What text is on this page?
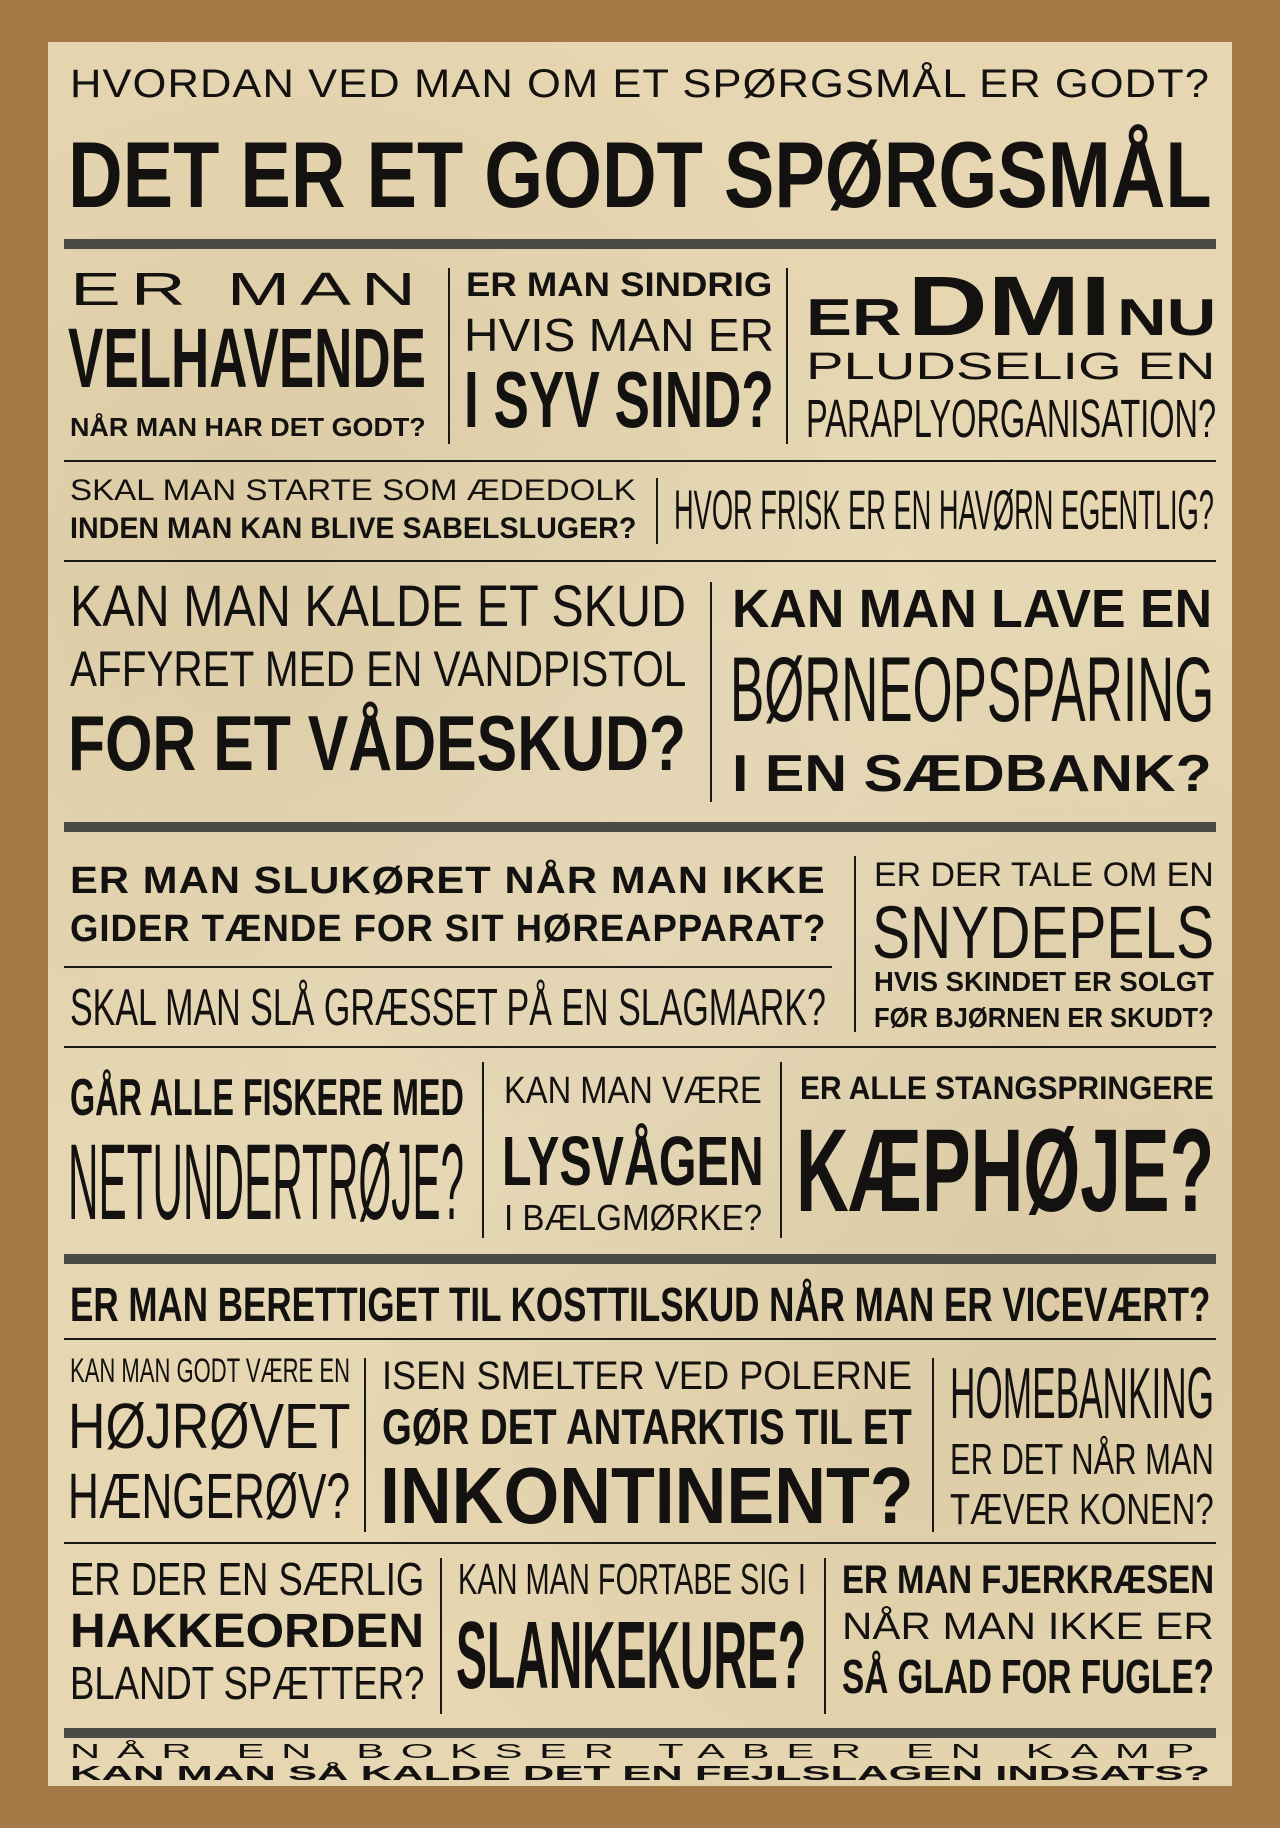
HVORDAN VED MAN OM ET SPØRGSMÅL ER GODT?

DET ER ET GODT SPØRGSMÅL

ER MAN

VELHAVENDE

NÅR MAN HAR DET GODT?

ER MAN SINDRIG

HVIS MAN ER

I SYV SIND?

ER DMI NU

PLUDSELIG EN

PARAPLYORGANISATION?

SKAL MAN STARTE SOM ÆDEDOLK

INDEN MAN KAN BLIVE SABELSLUGER? HVOR FRISK ER EN HAVØRN EGENTLIG?

KAN MAN KALDE ET SKUD

AFFYRET MED EN VANDPISTOL

FOR ET VÅDESKUD?

KAN MAN LAVE EN

BØRNEOPSPARING

I EN SÆDBANK?

ER MAN SLUKØRET NÅR MAN IKKE

GIDER TÆNDE FOR SIT HØREAPPARAT?

SKAL MAN SLÅ GRÆSSET PÅ EN SLAGMARK?

ER DER TALE OM EN

SNYDEPELS

HVIS SKINDET ER SOLGT

FØR BJØRNEN ER SKUDT?

GÅR ALLE FISKERE MED

NETUNDERTRØJE?

KAN MAN VÆRE

LYSVÅGEN

I BÆLGMØRKE?

ER ALLE STANGSPRINGERE

KÆPHØJE?

ER MAN BERETTIGET TIL KOSTTILSKUD NÅR MAN ER VICEVÆRT?

KAN MAN GODT VÆRE EN

HØJRØVET

HÆNGERØV?

ISEN SMELTER VED POLERNE

GØR DET ANTARKTIS TIL ET

INKONTINENT?

HOMEBANKING

ER DET NÅR MAN

TÆVER KONEN?

ER DER EN SÆRLIG

HAKKEORDEN

BLANDT SPÆTTER?

KAN MAN FORTABE SIG I

SLANKEKURE?

ER MAN FJERKRÆSEN

NÅR MAN IKKE ER

SÅ GLAD FOR FUGLE?

NÅR EN BOKSER TABER EN KAMP

KAN MAN SÅ KALDE DET EN FEJLSLAGEN INDSATS?
